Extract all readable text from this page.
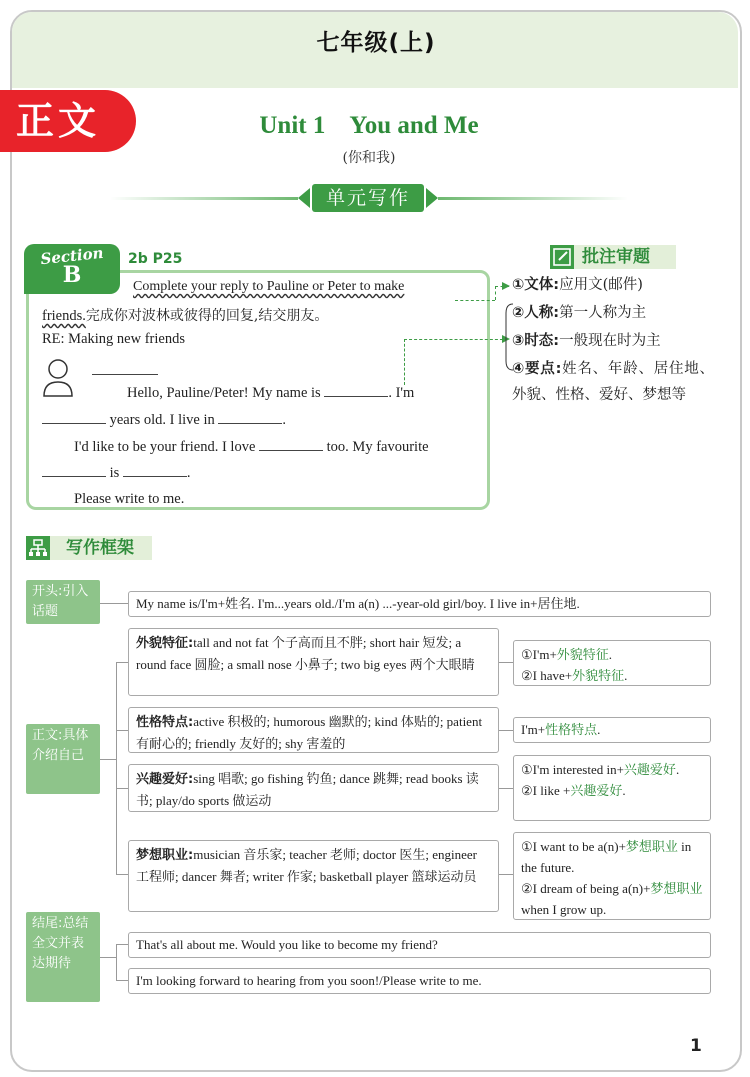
七年级(上)
正文	Unit 1    You and Me
(你和我)
单元写作
Section
B
2b P25
Complete your reply to Pauline or Peter to make
friends.完成你对波林或彼得的回复,结交朋友。
RE: Making new friends
Hello, Pauline/Peter! My name is	. I'm
years old. I live in	.
I'd like to be your friend. I love	too. My favourite
is	.
Please write to me.
批注审题
①文体:应用文(邮件)
②人称:第一人称为主
③时态:一般现在时为主
④要点:姓名、年龄、居住地、外貌、性格、爱好、梦想等
写作框架
开头:引入话题
My name is/I'm+姓名. I'm...years old./I'm a(n) ...-year-old girl/boy. I live in+居住地.
正文:具体介绍自己
外貌特征:tall and not fat 个子高而且不胖; short hair 短发; a round face 圆脸; a small nose 小鼻子; two big eyes 两个大眼睛
①I'm+外貌特征.
②I have+外貌特征.
性格特点:active 积极的; humorous 幽默的; kind 体贴的; patient 有耐心的; friendly 友好的; shy 害羞的
I'm+性格特点.
兴趣爱好:sing 唱歌; go fishing 钓鱼; dance 跳舞; read books 读书; play/do sports 做运动
①I'm interested in+兴趣爱好.
②I like +兴趣爱好.
梦想职业:musician 音乐家; teacher 老师; doctor 医生; engineer 工程师; dancer 舞者; writer 作家; basketball player 篮球运动员
①I want to be a(n)+梦想职业 in the future.
②I dream of being a(n)+梦想职业 when I grow up.
结尾:总结全文并表达期待
That's all about me. Would you like to become my friend?
I'm looking forward to hearing from you soon!/Please write to me.
1
